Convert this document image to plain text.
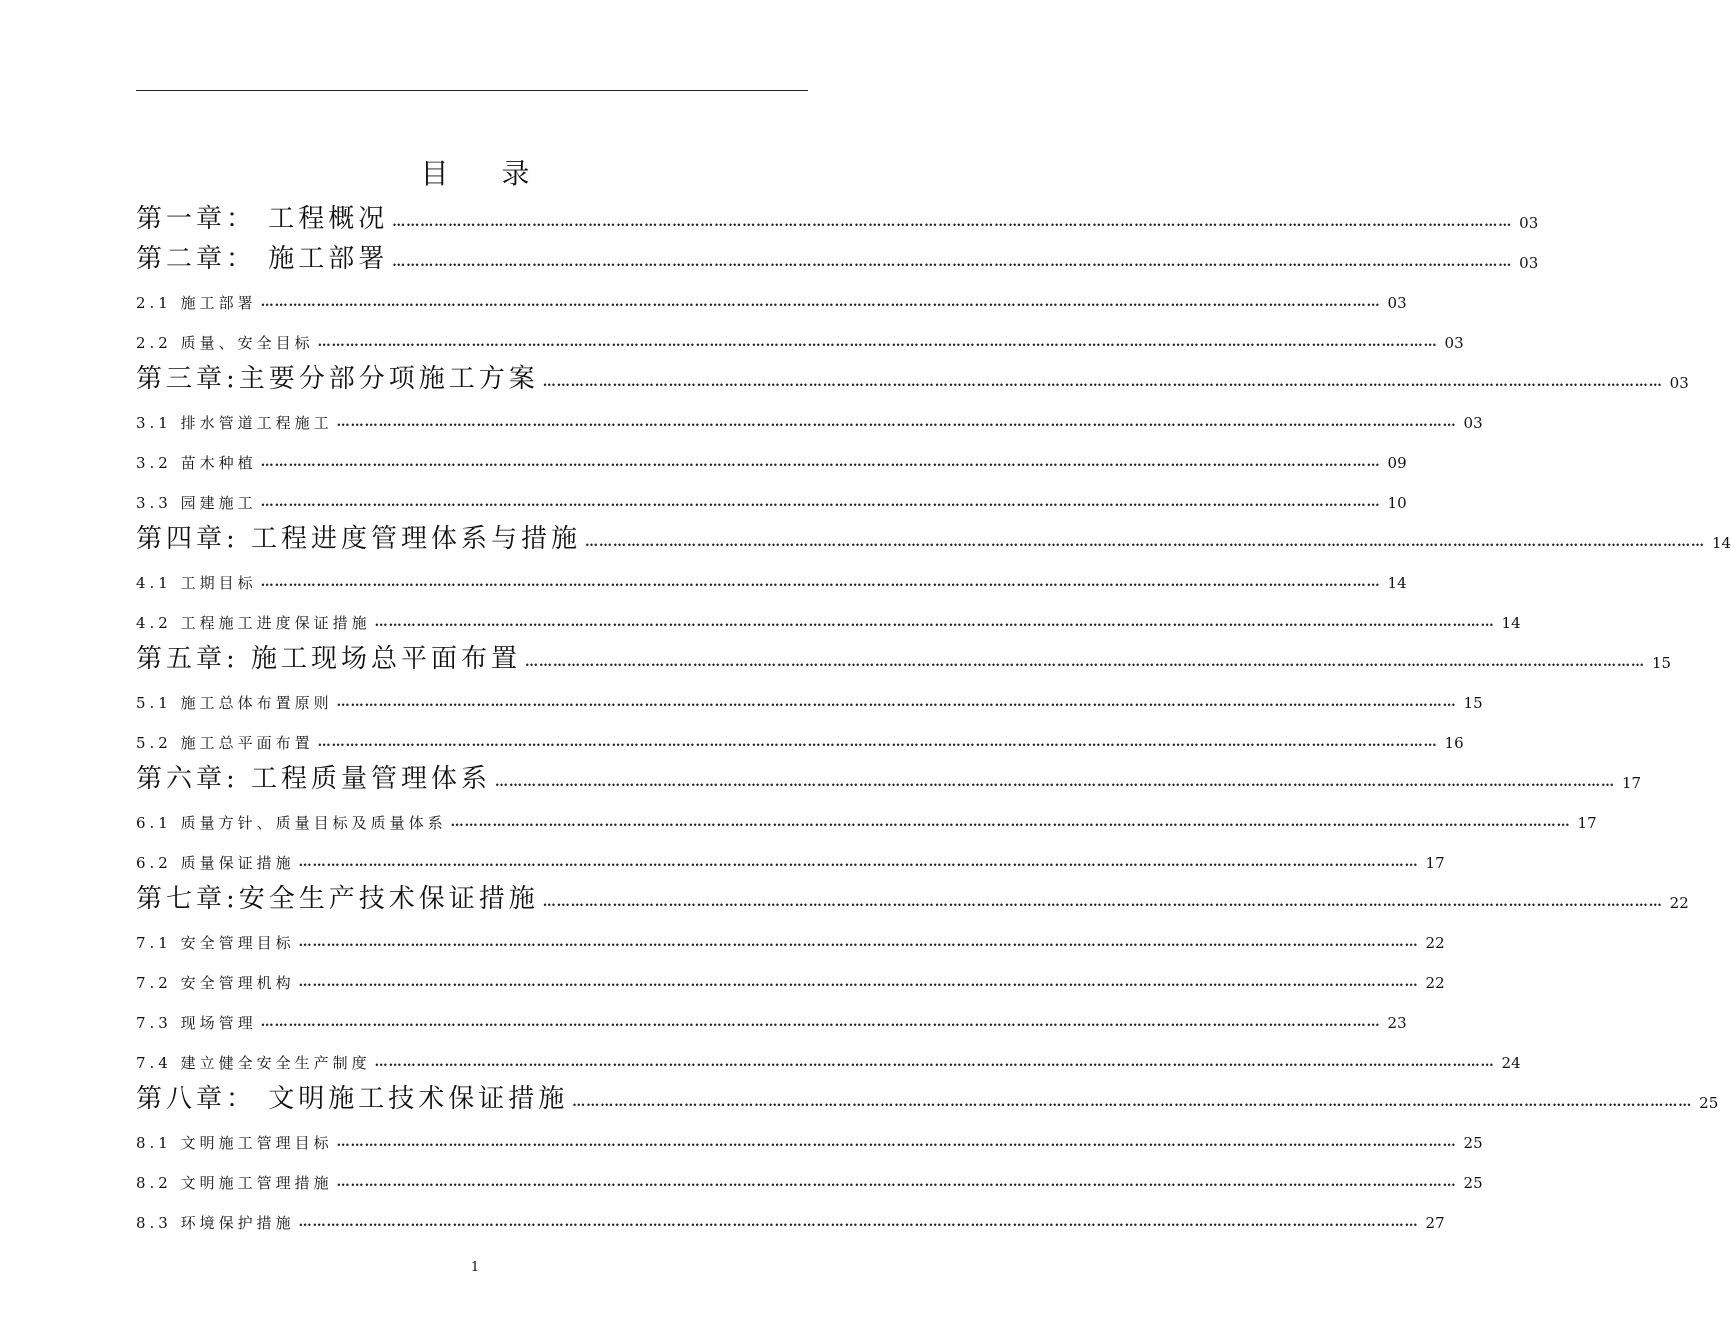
目 录
第一章： 工程概况 …………………………………………………………………………………………………………………………………………………………………………………………………………………… 03
第二章： 施工部署 …………………………………………………………………………………………………………………………………………………………………………………………………………………… 03
2.1 施工部署 …………………………………………………………………………………………………………………………………………………………………………………………………………………… 03
2.2 质量、安全目标 …………………………………………………………………………………………………………………………………………………………………………………………………………………… 03
第三章:主要分部分项施工方案 …………………………………………………………………………………………………………………………………………………………………………………………………………………… 03
3.1 排水管道工程施工 …………………………………………………………………………………………………………………………………………………………………………………………………………………… 03
3.2 苗木种植 …………………………………………………………………………………………………………………………………………………………………………………………………………………… 09
3.3 园建施工 …………………………………………………………………………………………………………………………………………………………………………………………………………………… 10
第四章: 工程进度管理体系与措施 …………………………………………………………………………………………………………………………………………………………………………………………………………………… 14
4.1 工期目标 …………………………………………………………………………………………………………………………………………………………………………………………………………………… 14
4.2 工程施工进度保证措施 …………………………………………………………………………………………………………………………………………………………………………………………………………………… 14
第五章: 施工现场总平面布置 …………………………………………………………………………………………………………………………………………………………………………………………………………………… 15
5.1 施工总体布置原则 …………………………………………………………………………………………………………………………………………………………………………………………………………………… 15
5.2 施工总平面布置 …………………………………………………………………………………………………………………………………………………………………………………………………………………… 16
第六章: 工程质量管理体系 …………………………………………………………………………………………………………………………………………………………………………………………………………………… 17
6.1 质量方针、质量目标及质量体系 …………………………………………………………………………………………………………………………………………………………………………………………………………………… 17
6.2 质量保证措施 …………………………………………………………………………………………………………………………………………………………………………………………………………………… 17
第七章:安全生产技术保证措施 …………………………………………………………………………………………………………………………………………………………………………………………………………………… 22
7.1 安全管理目标 …………………………………………………………………………………………………………………………………………………………………………………………………………………… 22
7.2 安全管理机构 …………………………………………………………………………………………………………………………………………………………………………………………………………………… 22
7.3 现场管理 …………………………………………………………………………………………………………………………………………………………………………………………………………………… 23
7.4 建立健全安全生产制度 …………………………………………………………………………………………………………………………………………………………………………………………………………………… 24
第八章： 文明施工技术保证措施 …………………………………………………………………………………………………………………………………………………………………………………………………………………… 25
8.1 文明施工管理目标 …………………………………………………………………………………………………………………………………………………………………………………………………………………… 25
8.2 文明施工管理措施 …………………………………………………………………………………………………………………………………………………………………………………………………………………… 25
8.3 环境保护措施 …………………………………………………………………………………………………………………………………………………………………………………………………………………… 27
1
